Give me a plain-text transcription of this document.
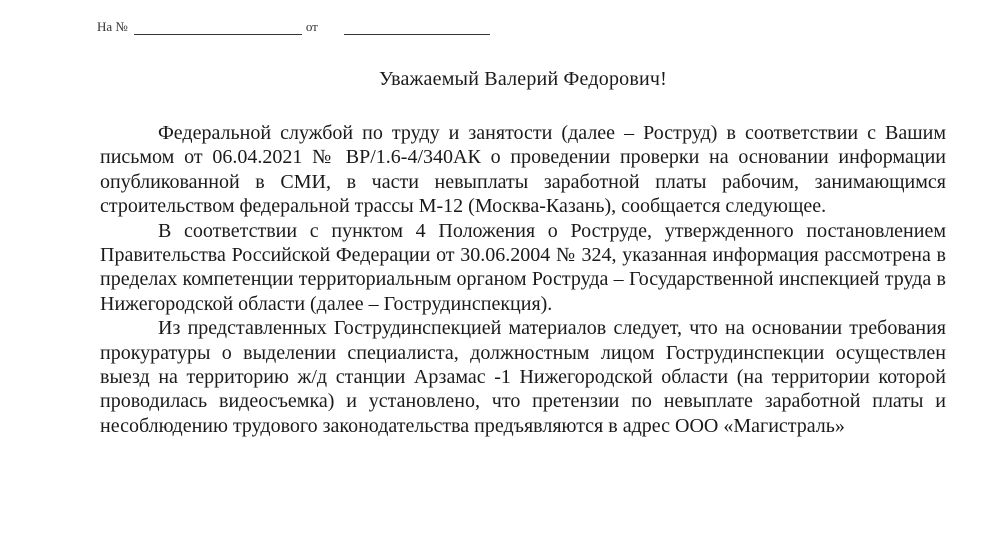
На №	от
Уважаемый Валерий Федорович!

Федеральной службой по труду и занятости (далее – Роструд) в соответствии с Вашим письмом от 06.04.2021 № ВР/1.6-4/340АК о проведении проверки на основании информации опубликованной в СМИ, в части невыплаты заработной платы рабочим, занимающимся строительством федеральной трассы М-12 (Москва-Казань), сообщается следующее.

В соответствии с пунктом 4 Положения о Роструде, утвержденного постановлением Правительства Российской Федерации от 30.06.2004 № 324, указанная информация рассмотрена в пределах компетенции территориальным органом Роструда – Государственной инспекцией труда в Нижегородской области (далее – Гострудинспекция).

Из представленных Гострудинспекцией материалов следует, что на основании требования прокуратуры о выделении специалиста, должностным лицом Гострудинспекции осуществлен выезд на территорию ж/д станции Арзамас -1 Нижегородской области (на территории которой проводилась видеосъемка) и установлено, что претензии по невыплате заработной платы и несоблюдению трудового законодательства предъявляются в адрес ООО «Магистраль»
